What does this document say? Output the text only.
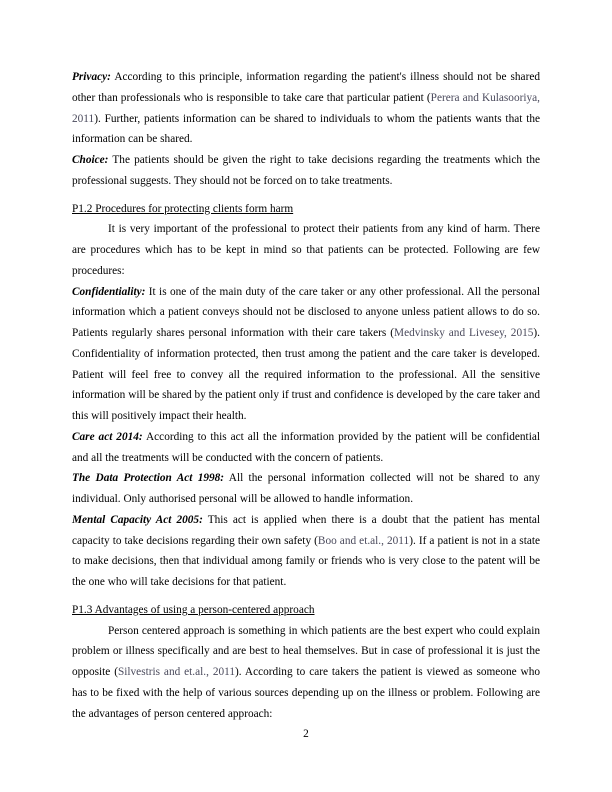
Privacy: According to this principle, information regarding the patient's illness should not be shared other than professionals who is responsible to take care that particular patient (Perera and Kulasooriya, 2011). Further, patients information can be shared to individuals to whom the patients wants that the information can be shared.

Choice: The patients should be given the right to take decisions regarding the treatments which the professional suggests. They should not be forced on to take treatments.

P1.2 Procedures for protecting clients form harm

It is very important of the professional to protect their patients from any kind of harm. There are procedures which has to be kept in mind so that patients can be protected. Following are few procedures:

Confidentiality: It is one of the main duty of the care taker or any other professional. All the personal information which a patient conveys should not be disclosed to anyone unless patient allows to do so. Patients regularly shares personal information with their care takers (Medvinsky and Livesey, 2015). Confidentiality of information protected, then trust among the patient and the care taker is developed. Patient will feel free to convey all the required information to the professional. All the sensitive information will be shared by the patient only if trust and confidence is developed by the care taker and this will positively impact their health.

Care act 2014: According to this act all the information provided by the patient will be confidential and all the treatments will be conducted with the concern of patients.

The Data Protection Act 1998: All the personal information collected will not be shared to any individual. Only authorised personal will be allowed to handle information.

Mental Capacity Act 2005: This act is applied when there is a doubt that the patient has mental capacity to take decisions regarding their own safety (Boo and et.al., 2011). If a patient is not in a state to make decisions, then that individual among family or friends who is very close to the patent will be the one who will take decisions for that patient.

P1.3 Advantages of using a person-centered approach

Person centered approach is something in which patients are the best expert who could explain problem or illness specifically and are best to heal themselves. But in case of professional it is just the opposite (Silvestris and et.al., 2011). According to care takers the patient is viewed as someone who has to be fixed with the help of various sources depending up on the illness or problem. Following are the advantages of person centered approach:

2
